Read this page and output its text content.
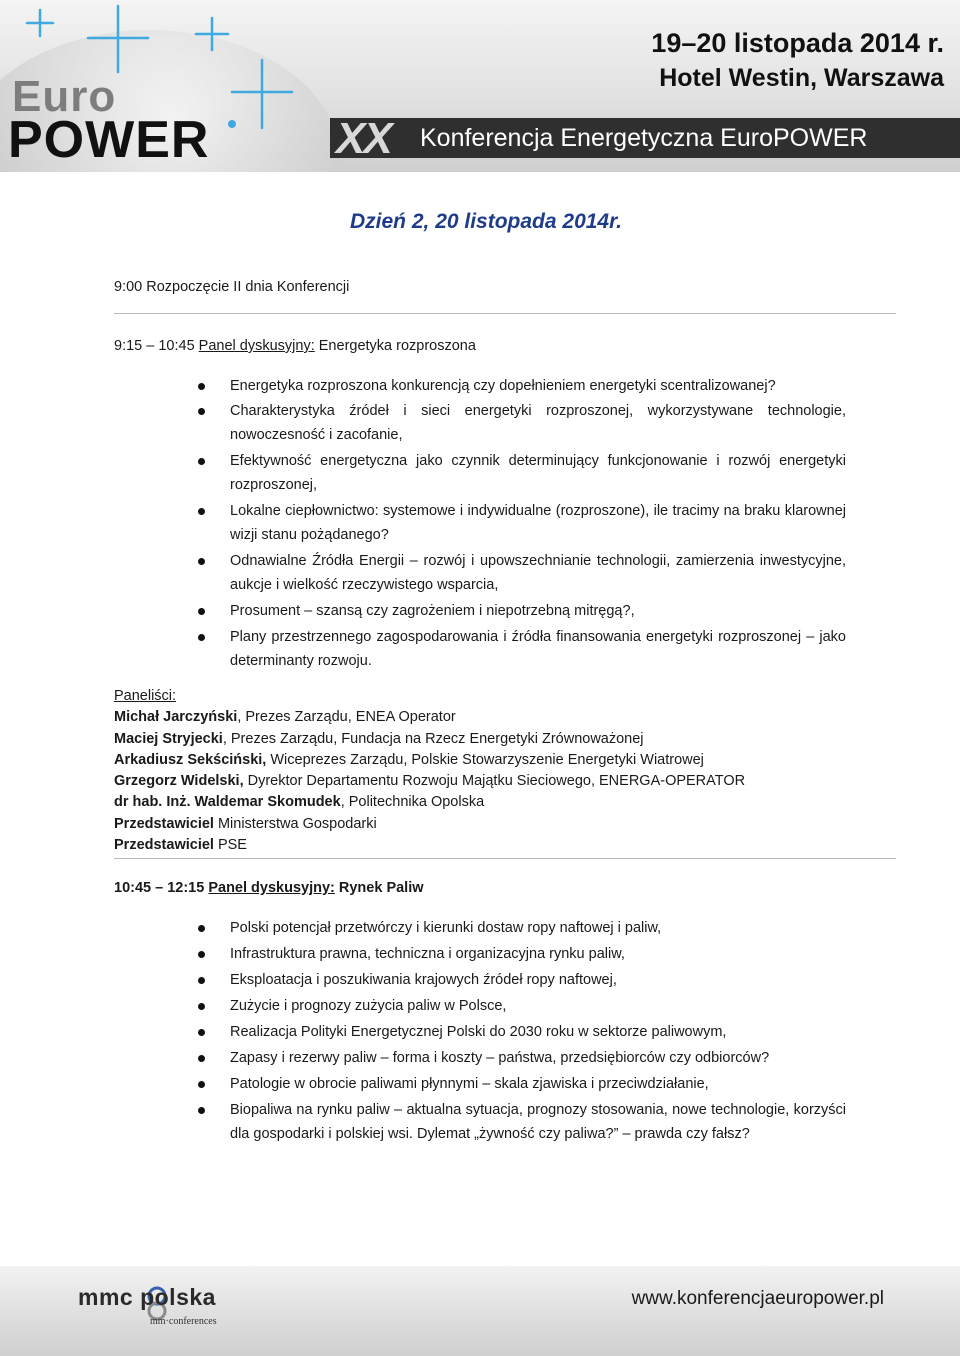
Euro
POWER
19–20 listopada 2014 r.
Hotel Westin, Warszawa
XX Konferencja Energetyczna EuroPOWER
Dzień 2, 20 listopada 2014r.
9:00 Rozpoczęcie II dnia Konferencji
9:15 – 10:45 Panel dyskusyjny: Energetyka rozproszona
Energetyka rozproszona konkurencją czy dopełnieniem energetyki scentralizowanej?
Charakterystyka źródeł i sieci energetyki rozproszonej, wykorzystywane technologie, nowoczesność i zacofanie,
Efektywność energetyczna jako czynnik determinujący funkcjonowanie i rozwój energetyki rozproszonej,
Lokalne ciepłownictwo: systemowe i indywidualne (rozproszone), ile tracimy na braku klarownej wizji stanu pożądanego?
Odnawialne Źródła Energii – rozwój i upowszechnianie technologii, zamierzenia inwestycyjne, aukcje i wielkość rzeczywistego wsparcia,
Prosument – szansą czy zagrożeniem i niepotrzebną mitręgą?,
Plany przestrzennego zagospodarowania i źródła finansowania energetyki rozproszonej – jako determinanty rozwoju.
Paneliści:
Michał Jarczyński, Prezes Zarządu, ENEA Operator
Maciej Stryjecki, Prezes Zarządu, Fundacja na Rzecz Energetyki Zrównoważonej
Arkadiusz Sekściński, Wiceprezes Zarządu, Polskie Stowarzyszenie Energetyki Wiatrowej
Grzegorz Widelski, Dyrektor Departamentu Rozwoju Majątku Sieciowego, ENERGA-OPERATOR
dr hab. Inż. Waldemar Skomudek, Politechnika Opolska
Przedstawiciel Ministerstwa Gospodarki
Przedstawiciel PSE
10:45 – 12:15 Panel dyskusyjny: Rynek Paliw
Polski potencjał przetwórczy i kierunki dostaw ropy naftowej i paliw,
Infrastruktura prawna, techniczna i organizacyjna rynku paliw,
Eksploatacja i poszukiwania krajowych źródeł ropy naftowej,
Zużycie i prognozy zużycia paliw w Polsce,
Realizacja Polityki Energetycznej Polski do 2030 roku w sektorze paliwowym,
Zapasy i rezerwy paliw – forma i koszty – państwa, przedsiębiorców czy odbiorców?
Patologie w obrocie paliwami płynnymi – skala zjawiska i przeciwdziałanie,
Biopaliwa na rynku paliw – aktualna sytuacja, prognozy stosowania, nowe technologie, korzyści dla gospodarki i polskiej wsi. Dylemat „żywność czy paliwa?” – prawda czy fałsz?
mmc polska
mm·conferences
www.konferencjaeuropower.pl
